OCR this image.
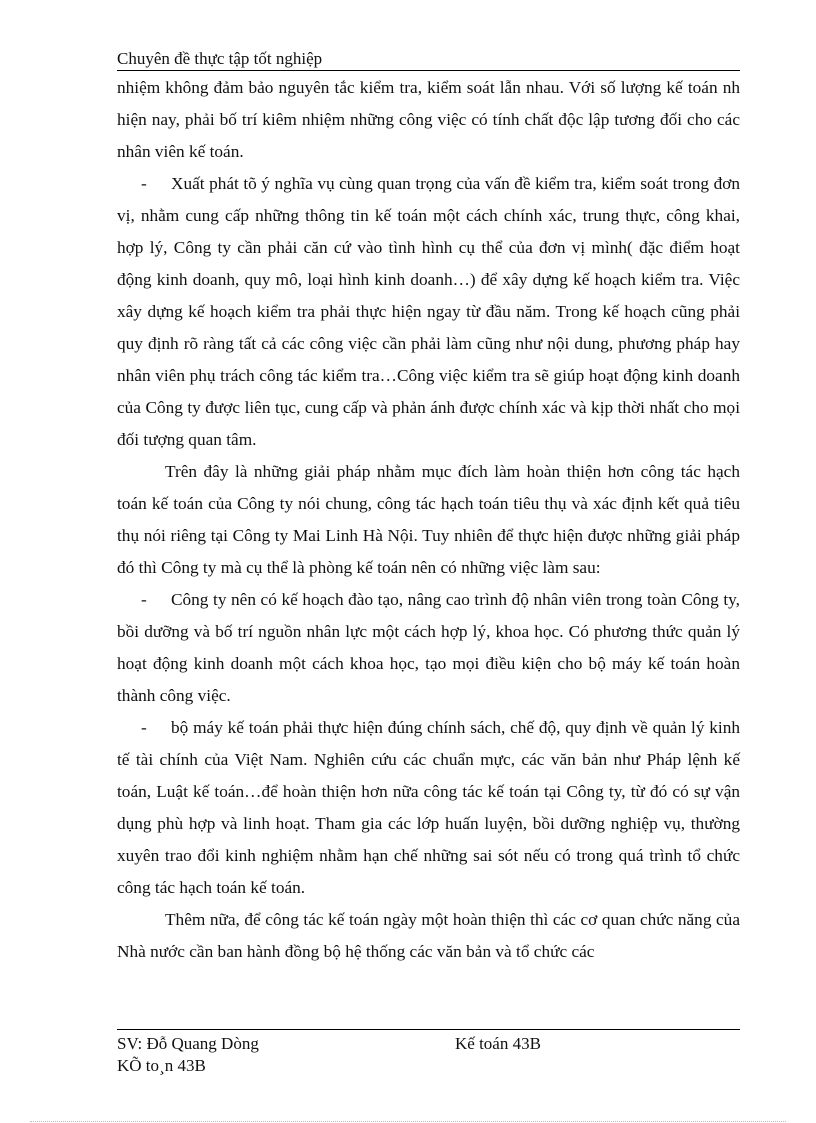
Chuyên đề thực tập tốt nghiệp

nhiệm không đảm bảo nguyên tắc kiểm tra, kiểm soát lẫn nhau. Với số lượng kế toán nh hiện nay, phải bố trí kiêm nhiệm những công việc có tính chất độc lập tương đối cho các nhân viên kế toán.

- Xuất phát tõ ý nghĩa vụ cùng quan trọng của vấn đề kiểm tra, kiểm soát trong đơn vị, nhằm cung cấp những thông tin kế toán một cách chính xác, trung thực, công khai, hợp lý, Công ty cần phải căn cứ vào tình hình cụ thể của đơn vị mình( đặc điểm hoạt động kinh doanh, quy mô, loại hình kinh doanh…) để xây dựng kế hoạch kiểm tra. Việc xây dựng kế hoạch kiểm tra phải thực hiện ngay từ đầu năm. Trong kế hoạch cũng phải quy định rõ ràng tất cả các công việc cần phải làm cũng như nội dung, phương pháp hay nhân viên phụ trách công tác kiểm tra…Công việc kiểm tra sẽ giúp hoạt động kinh doanh của Công ty được liên tục, cung cấp và phản ánh được chính xác và kịp thời nhất cho mọi đối tượng quan tâm.

Trên đây là những giải pháp nhằm mục đích làm hoàn thiện hơn công tác hạch toán kế toán của Công ty nói chung, công tác hạch toán tiêu thụ và xác định kết quả tiêu thụ nói riêng tại Công ty Mai Linh Hà Nội. Tuy nhiên để thực hiện được những giải pháp đó thì Công ty mà cụ thể là phòng kế toán nên có những việc làm sau:

- Công ty nên có kế hoạch đào tạo, nâng cao trình độ nhân viên trong toàn Công ty, bồi dưỡng và bố trí nguồn nhân lực một cách hợp lý, khoa học. Có phương thức quản lý hoạt động kinh doanh một cách khoa học, tạo mọi điều kiện cho bộ máy kế toán hoàn thành công việc.

- bộ máy kế toán phải thực hiện đúng chính sách, chế độ, quy định về quản lý kinh tế tài chính của Việt Nam. Nghiên cứu các chuẩn mực, các văn bản như Pháp lệnh kế toán, Luật kế toán…để hoàn thiện hơn nữa công tác kế toán tại Công ty, từ đó có sự vận dụng phù hợp và linh hoạt. Tham gia các lớp huấn luyện, bồi dưỡng nghiệp vụ, thường xuyên trao đổi kinh nghiệm nhằm hạn chế những sai sót nếu có trong quá trình tổ chức công tác hạch toán kế toán.

Thêm nữa, để công tác kế toán ngày một hoàn thiện thì các cơ quan chức năng của Nhà nước cần ban hành đồng bộ hệ thống các văn bản và tổ chức các

SV: Đỗ Quang Dòng
KÕ to¸n 43B
Kế toán 43B
